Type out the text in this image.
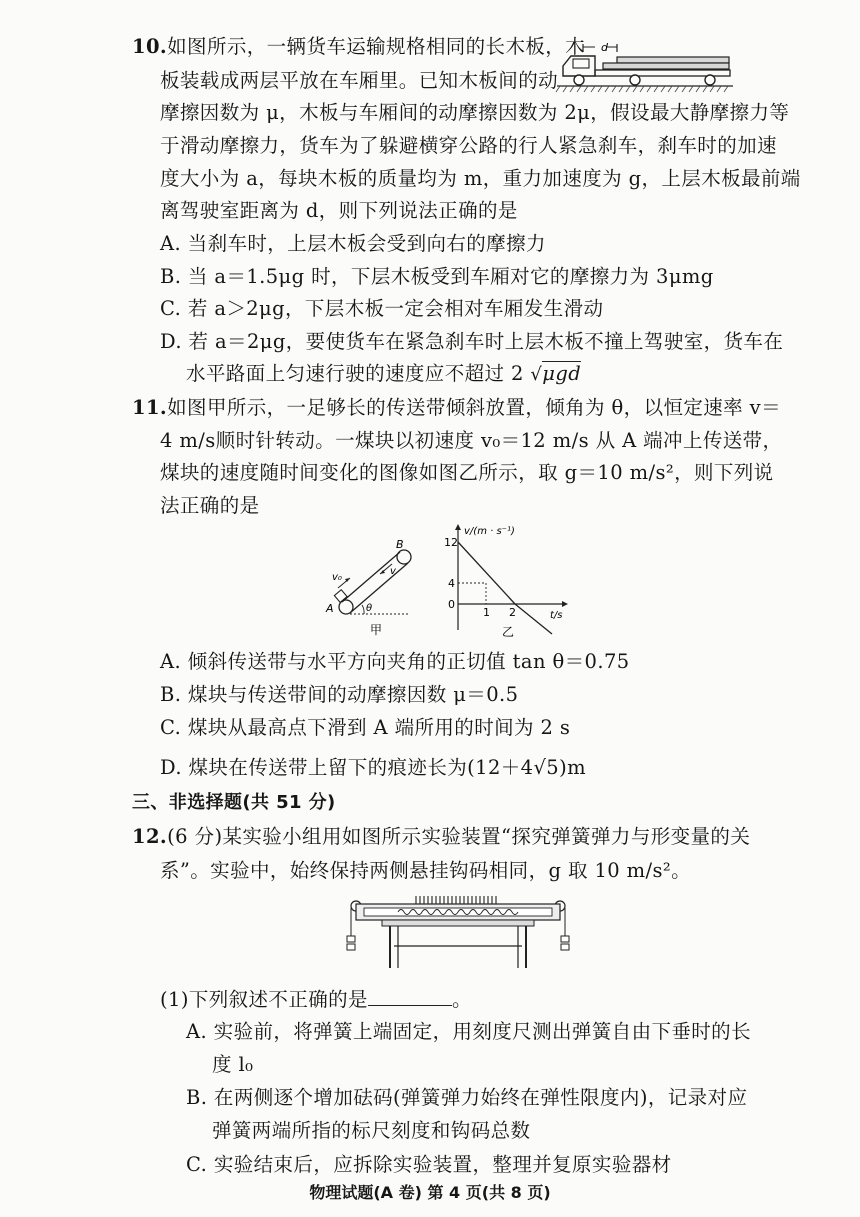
10.如图所示，一辆货车运输规格相同的长木板，木 d
板装载成两层平放在车厢里。已知木板间的动
摩擦因数为 μ，木板与车厢间的动摩擦因数为 2μ，假设最大静摩擦力等
于滑动摩擦力，货车为了躲避横穿公路的行人紧急刹车，刹车时的加速
度大小为 a，每块木板的质量均为 m，重力加速度为 g，上层木板最前端
离驾驶室距离为 d，则下列说法正确的是
A. 当刹车时，上层木板会受到向右的摩擦力
B. 当 a＝1.5μg 时，下层木板受到车厢对它的摩擦力为 3μmg
C. 若 a＞2μg，下层木板一定会相对车厢发生滑动
D. 若 a＝2μg，要使货车在紧急刹车时上层木板不撞上驾驶室，货车在
水平路面上匀速行驶的速度应不超过 2 √μgd
11.如图甲所示，一足够长的传送带倾斜放置，倾角为 θ，以恒定速率 v＝
4 m/s顺时针转动。一煤块以初速度 v₀＝12 m/s 从 A 端冲上传送带，
煤块的速度随时间变化的图像如图乙所示，取 g＝10 m/s²，则下列说
法正确的是
B
A
v₀
v
θ
甲
v/(m · s⁻¹)
12
4
0
1 2	t/s
乙
A. 倾斜传送带与水平方向夹角的正切值 tan θ＝0.75
B. 煤块与传送带间的动摩擦因数 μ＝0.5
C. 煤块从最高点下滑到 A 端所用的时间为 2 s
D. 煤块在传送带上留下的痕迹长为(12＋4√5)m
三、非选择题(共 51 分)
12.(6 分)某实验小组用如图所示实验装置“探究弹簧弹力与形变量的关
系”。实验中，始终保持两侧悬挂钩码相同，g 取 10 m/s²。
(1)下列叙述不正确的是	。
A. 实验前，将弹簧上端固定，用刻度尺测出弹簧自由下垂时的长
度 l₀
B. 在两侧逐个增加砝码(弹簧弹力始终在弹性限度内)，记录对应
弹簧两端所指的标尺刻度和钩码总数
C. 实验结束后，应拆除实验装置，整理并复原实验器材
物理试题(A 卷) 第 4 页(共 8 页)
